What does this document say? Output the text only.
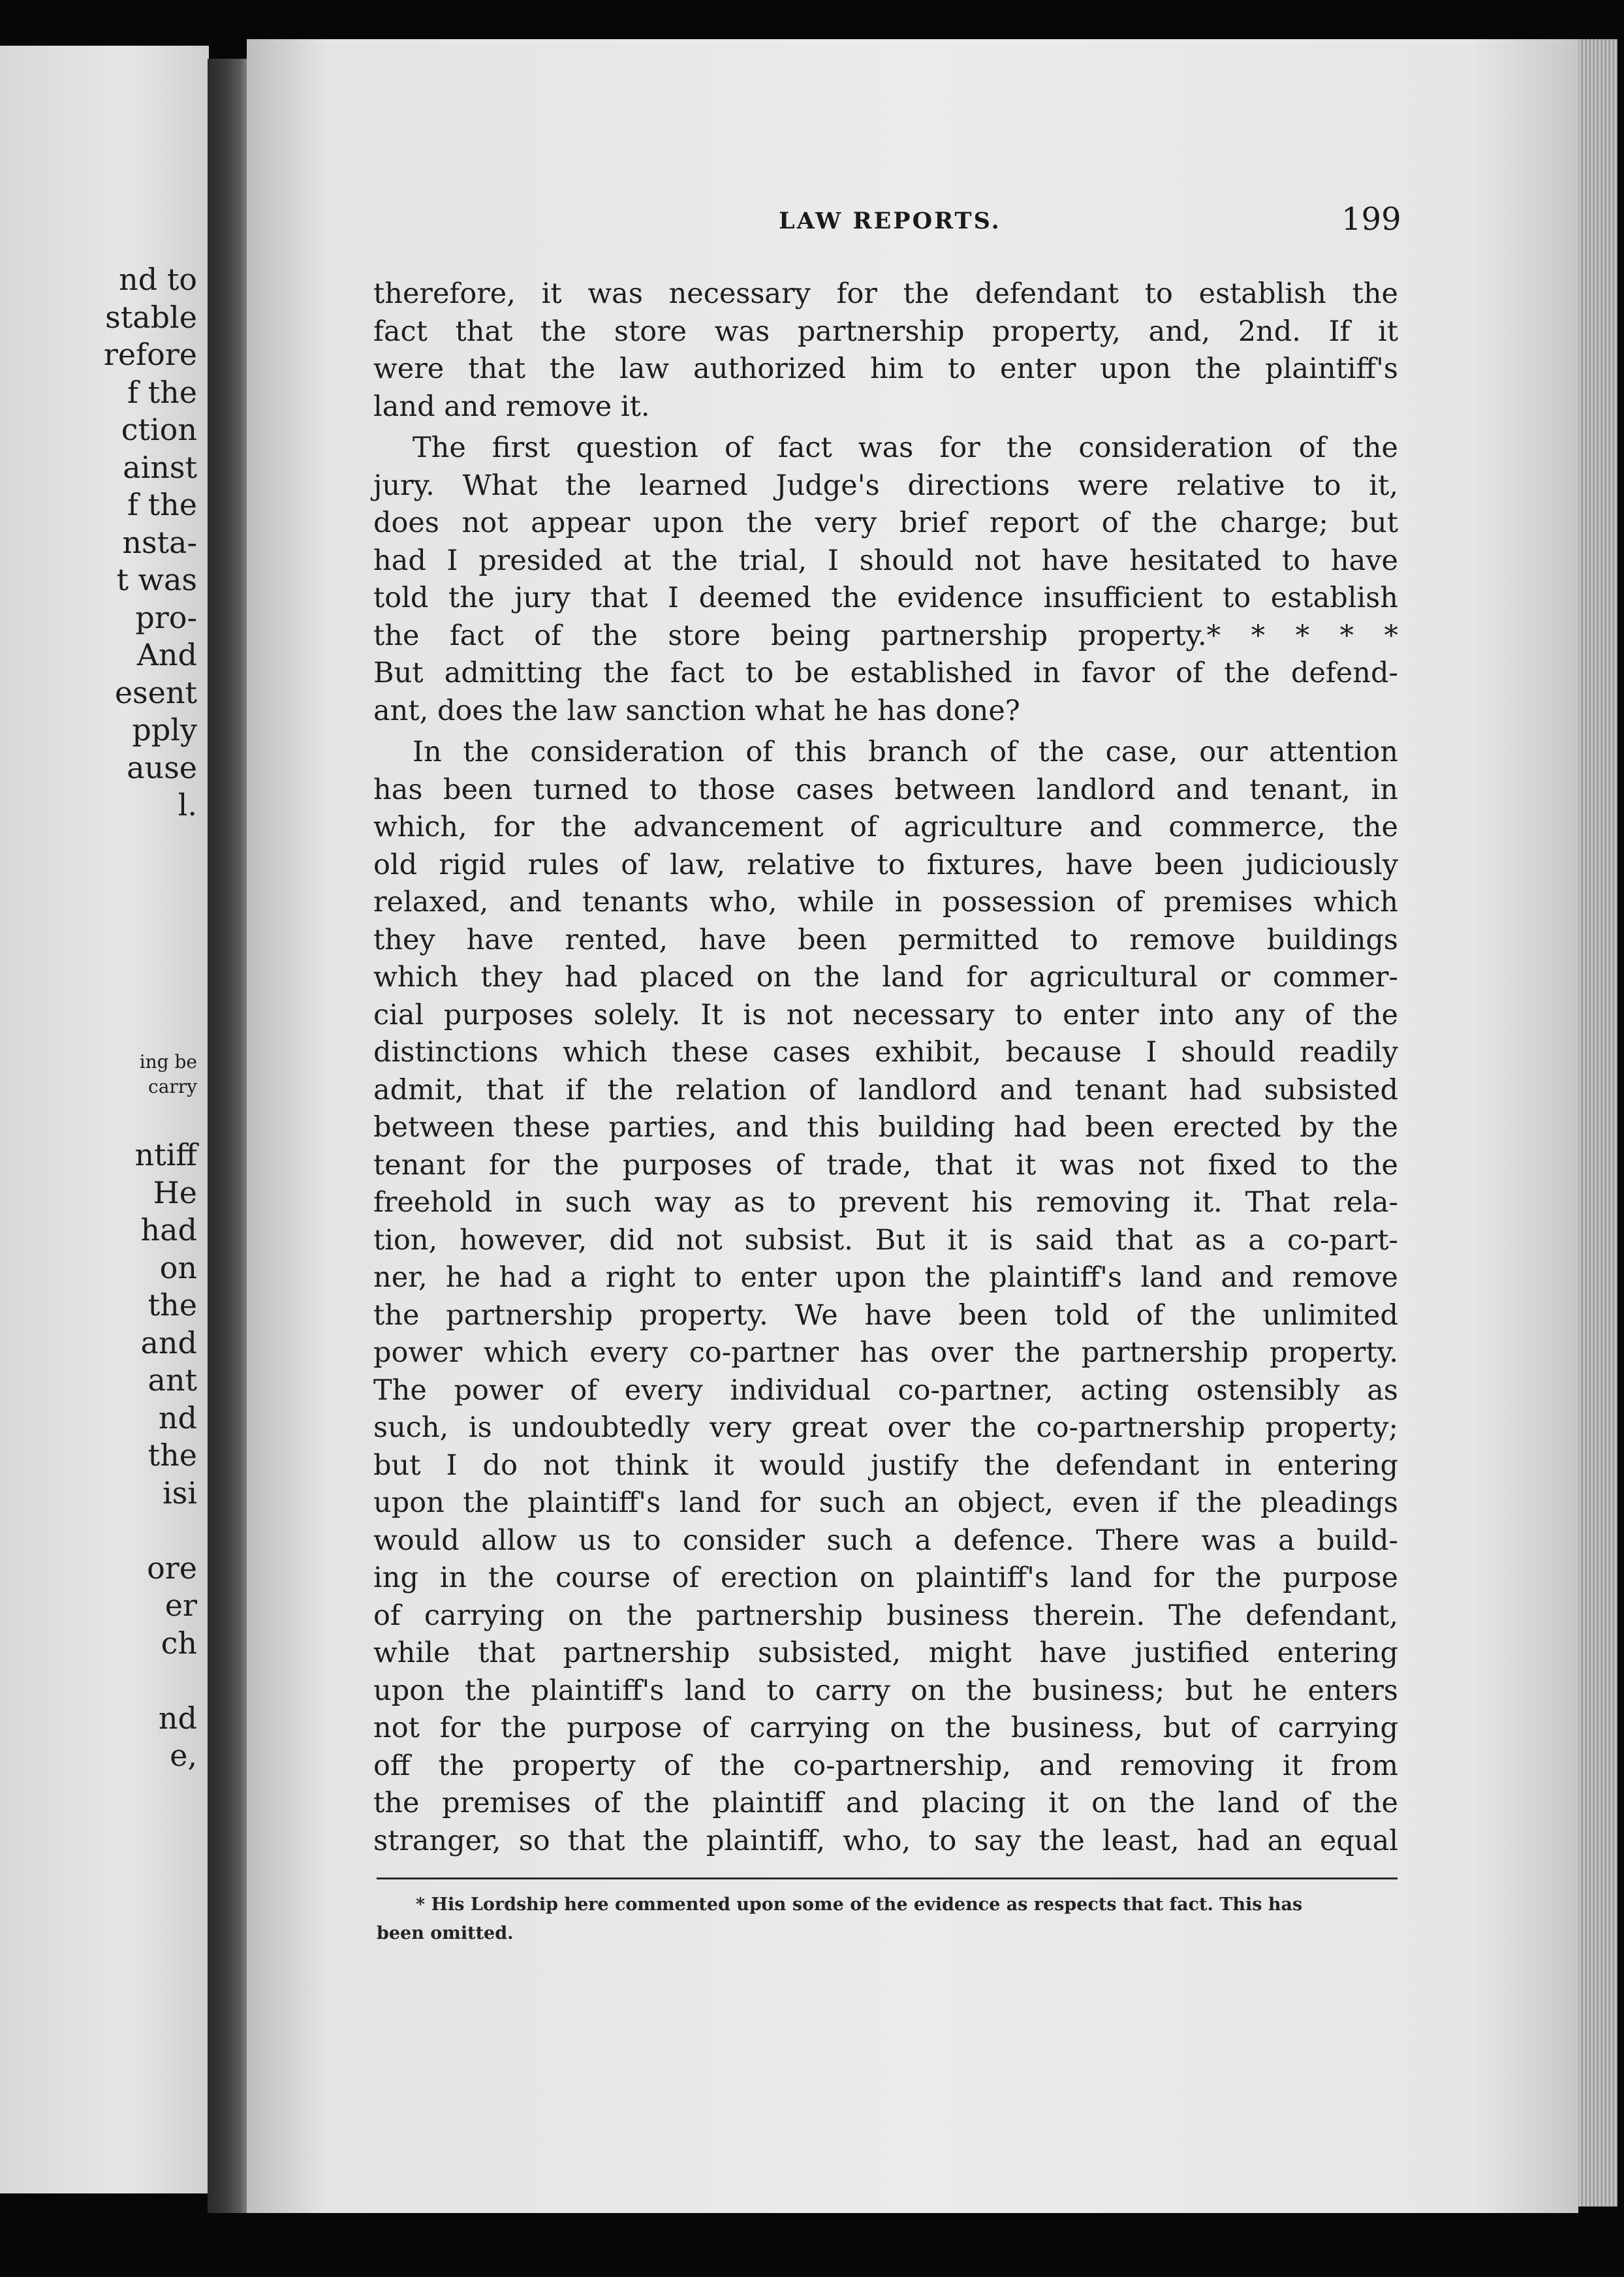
nd to
stable
refore
f the
ction
ainst
f the
nsta-
t was
pro-
And
esent
pply
ause
l.
ing be
carry
ntiff
He
had
on
the
and
ant
nd
the
isi
ore
er
ch
nd
e,
LAW REPORTS.	199
therefore, it was necessary for the defendant to establish the
fact that the store was partnership property, and, 2nd. If it
were that the law authorized him to enter upon the plaintiff's
land and remove it.
The first question of fact was for the consideration of the
jury. What the learned Judge's directions were relative to it,
does not appear upon the very brief report of the charge; but
had I presided at the trial, I should not have hesitated to have
told the jury that I deemed the evidence insufficient to establish
the fact of the store being partnership property.* * * * *
But admitting the fact to be established in favor of the defend-
ant, does the law sanction what he has done?
In the consideration of this branch of the case, our attention
has been turned to those cases between landlord and tenant, in
which, for the advancement of agriculture and commerce, the
old rigid rules of law, relative to fixtures, have been judiciously
relaxed, and tenants who, while in possession of premises which
they have rented, have been permitted to remove buildings
which they had placed on the land for agricultural or commer-
cial purposes solely. It is not necessary to enter into any of the
distinctions which these cases exhibit, because I should readily
admit, that if the relation of landlord and tenant had subsisted
between these parties, and this building had been erected by the
tenant for the purposes of trade, that it was not fixed to the
freehold in such way as to prevent his removing it. That rela-
tion, however, did not subsist. But it is said that as a co-part-
ner, he had a right to enter upon the plaintiff's land and remove
the partnership property. We have been told of the unlimited
power which every co-partner has over the partnership property.
The power of every individual co-partner, acting ostensibly as
such, is undoubtedly very great over the co-partnership property;
but I do not think it would justify the defendant in entering
upon the plaintiff's land for such an object, even if the pleadings
would allow us to consider such a defence. There was a build-
ing in the course of erection on plaintiff's land for the purpose
of carrying on the partnership business therein. The defendant,
while that partnership subsisted, might have justified entering
upon the plaintiff's land to carry on the business; but he enters
not for the purpose of carrying on the business, but of carrying
off the property of the co-partnership, and removing it from
the premises of the plaintiff and placing it on the land of the
stranger, so that the plaintiff, who, to say the least, had an equal
* His Lordship here commented upon some of the evidence as respects that fact. This has
been omitted.
